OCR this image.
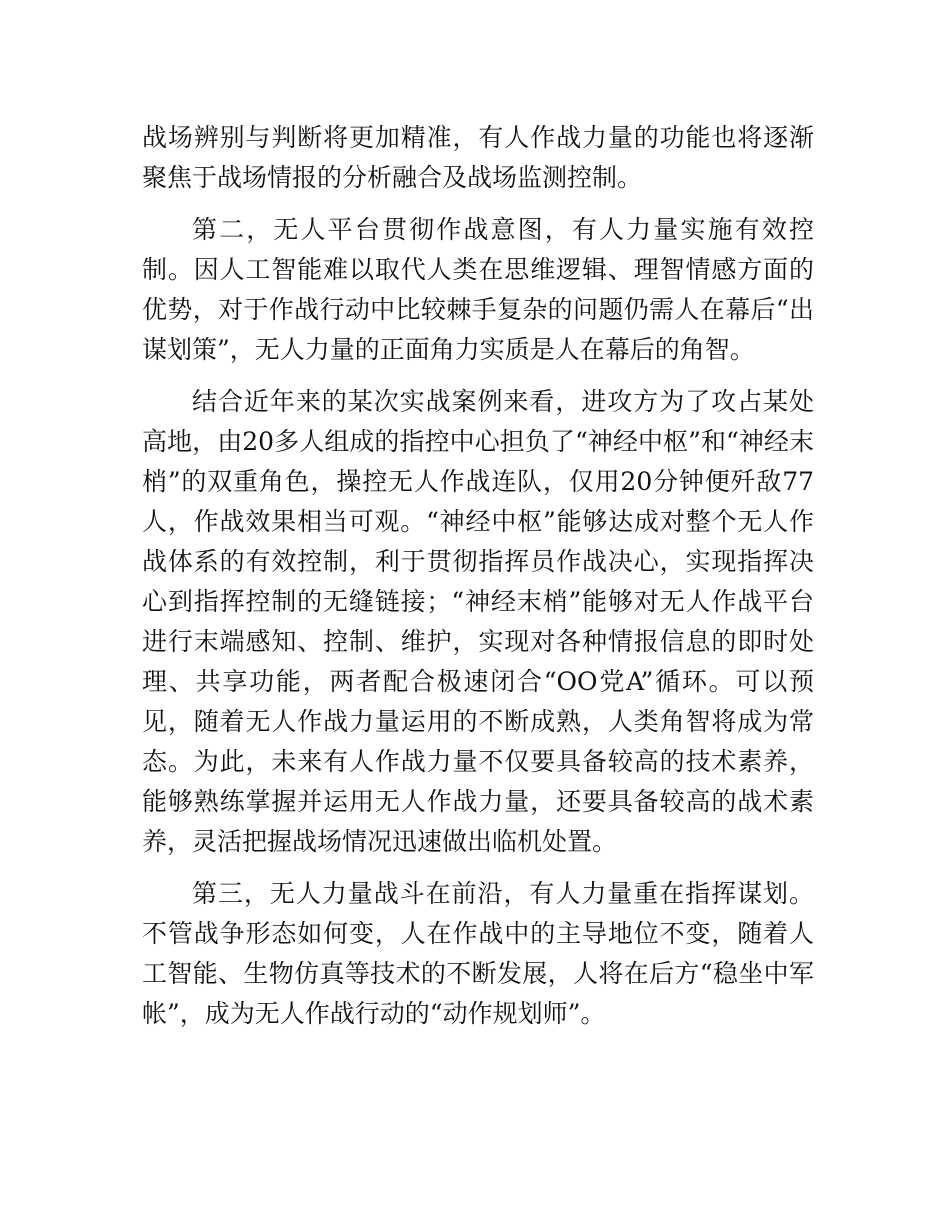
战场辨别与判断将更加精准，有人作战力量的功能也将逐渐聚焦于战场情报的分析融合及战场监测控制。

第二，无人平台贯彻作战意图，有人力量实施有效控制。因人工智能难以取代人类在思维逻辑、理智情感方面的优势，对于作战行动中比较棘手复杂的问题仍需人在幕后“出谋划策”，无人力量的正面角力实质是人在幕后的角智。

结合近年来的某次实战案例来看，进攻方为了攻占某处高地，由20多人组成的指控中心担负了“神经中枢”和“神经末梢”的双重角色，操控无人作战连队，仅用20分钟便歼敌77人，作战效果相当可观。“神经中枢”能够达成对整个无人作战体系的有效控制，利于贯彻指挥员作战决心，实现指挥决心到指挥控制的无缝链接；“神经末梢”能够对无人作战平台进行末端感知、控制、维护，实现对各种情报信息的即时处理、共享功能，两者配合极速闭合“OO党A”循环。可以预见，随着无人作战力量运用的不断成熟，人类角智将成为常态。为此，未来有人作战力量不仅要具备较高的技术素养，能够熟练掌握并运用无人作战力量，还要具备较高的战术素养，灵活把握战场情况迅速做出临机处置。

第三，无人力量战斗在前沿，有人力量重在指挥谋划。不管战争形态如何变，人在作战中的主导地位不变，随着人工智能、生物仿真等技术的不断发展，人将在后方“稳坐中军帐”，成为无人作战行动的“动作规划师”。
